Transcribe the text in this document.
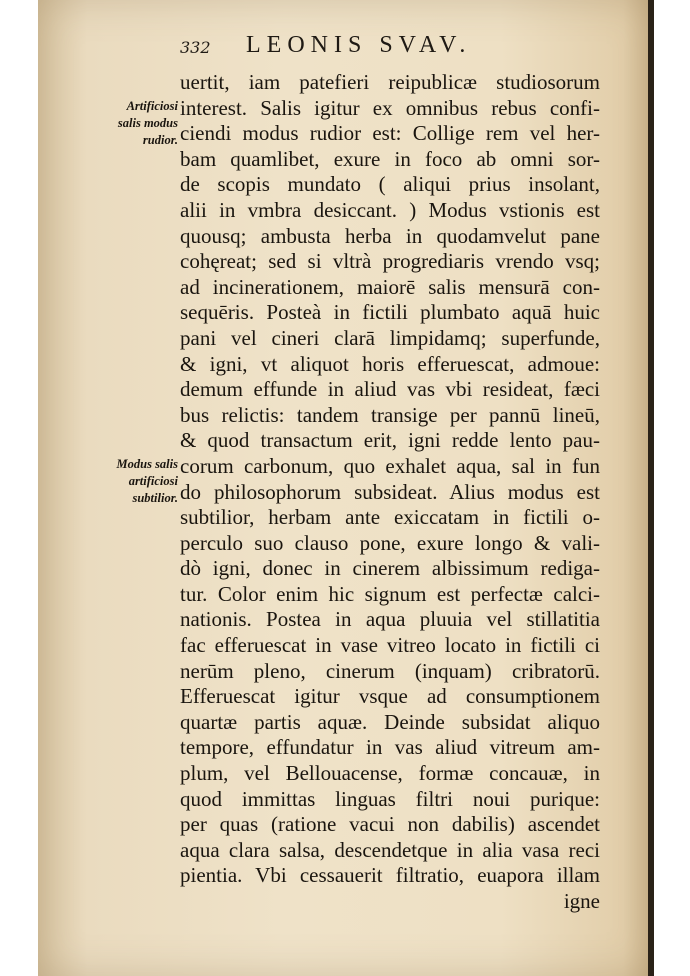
332 LEONIS SVAV.
Artificiosi
salis modus
rudior.
Modus salis
artificiosi
subtilior.
uertit, iam patefieri reipublicæ studiosorum
interest. Salis igitur ex omnibus rebus confi-
ciendi modus rudior est: Collige rem vel her-
bam quamlibet, exure in foco ab omni sor-
de scopis mundato ( aliqui prius insolant,
alii in vmbra desiccant. ) Modus vstionis est
quousq; ambusta herba in quodamvelut pane
cohęreat; sed si vltrà progrediaris vrendo vsq;
ad incinerationem, maiorē salis mensurā con-
sequēris. Posteà in fictili plumbato aquā huic
pani vel cineri clarā limpidamq; superfunde,
& igni, vt aliquot horis efferuescat, admoue:
demum effunde in aliud vas vbi resideat, fæci
bus relictis: tandem transige per pannū lineū,
& quod transactum erit, igni redde lento pau-
corum carbonum, quo exhalet aqua, sal in fun
do philosophorum subsideat. Alius modus est
subtilior, herbam ante exiccatam in fictili o-
perculo suo clauso pone, exure longo & vali-
dò igni, donec in cinerem albissimum rediga-
tur. Color enim hic signum est perfectæ calci-
nationis. Postea in aqua pluuia vel stillatitia
fac efferuescat in vase vitreo locato in fictili ci
nerūm pleno, cinerum (inquam) cribratorū.
Efferuescat igitur vsque ad consumptionem
quartæ partis aquæ. Deinde subsidat aliquo
tempore, effundatur in vas aliud vitreum am-
plum, vel Bellouacense, formæ concauæ, in
quod immittas linguas filtri noui purique:
per quas (ratione vacui non dabilis) ascendet
aqua clara salsa, descendetque in alia vasa reci
pientia. Vbi cessauerit filtratio, euapora illam
igne
